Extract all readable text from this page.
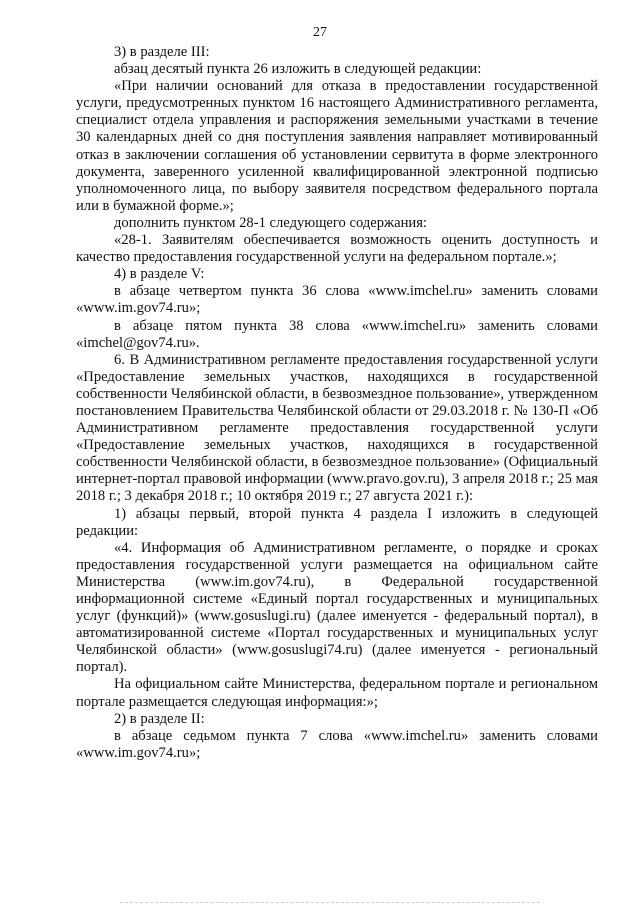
27

3) в разделе III:

абзац десятый пункта 26 изложить в следующей редакции:

«При наличии оснований для отказа в предоставлении государственной услуги, предусмотренных пунктом 16 настоящего Административного регламента, специалист отдела управления и распоряжения земельными участками в течение 30 календарных дней со дня поступления заявления направляет мотивированный отказ в заключении соглашения об установлении сервитута в форме электронного документа, заверенного усиленной квалифицированной электронной подписью уполномоченного лица, по выбору заявителя посредством федерального портала или в бумажной форме.»;

дополнить пунктом 28-1 следующего содержания:

«28-1. Заявителям обеспечивается возможность оценить доступность и качество предоставления государственной услуги на федеральном портале.»;

4) в разделе V:

в абзаце четвертом пункта 36 слова «www.imchel.ru» заменить словами «www.im.gov74.ru»;

в абзаце пятом пункта 38 слова «www.imchel.ru» заменить словами «imchel@gov74.ru».

6. В Административном регламенте предоставления государственной услуги «Предоставление земельных участков, находящихся в государственной собственности Челябинской области, в безвозмездное пользование», утвержденном постановлением Правительства Челябинской области от 29.03.2018 г. № 130-П «Об Административном регламенте предоставления государственной услуги «Предоставление земельных участков, находящихся в государственной собственности Челябинской области, в безвозмездное пользование» (Официальный интернет-портал правовой информации (www.pravo.gov.ru), 3 апреля 2018 г.; 25 мая 2018 г.; 3 декабря 2018 г.; 10 октября 2019 г.; 27 августа 2021 г.):

1) абзацы первый, второй пункта 4 раздела I изложить в следующей редакции:

«4. Информация об Административном регламенте, о порядке и сроках предоставления государственной услуги размещается на официальном сайте Министерства (www.im.gov74.ru), в Федеральной государственной информационной системе «Единый портал государственных и муниципальных услуг (функций)» (www.gosuslugi.ru) (далее именуется - федеральный портал), в автоматизированной системе «Портал государственных и муниципальных услуг Челябинской области» (www.gosuslugi74.ru) (далее именуется - региональный портал).

На официальном сайте Министерства, федеральном портале и региональном портале размещается следующая информация:»;

2) в разделе II:

в абзаце седьмом пункта 7 слова «www.imchel.ru» заменить словами «www.im.gov74.ru»;
